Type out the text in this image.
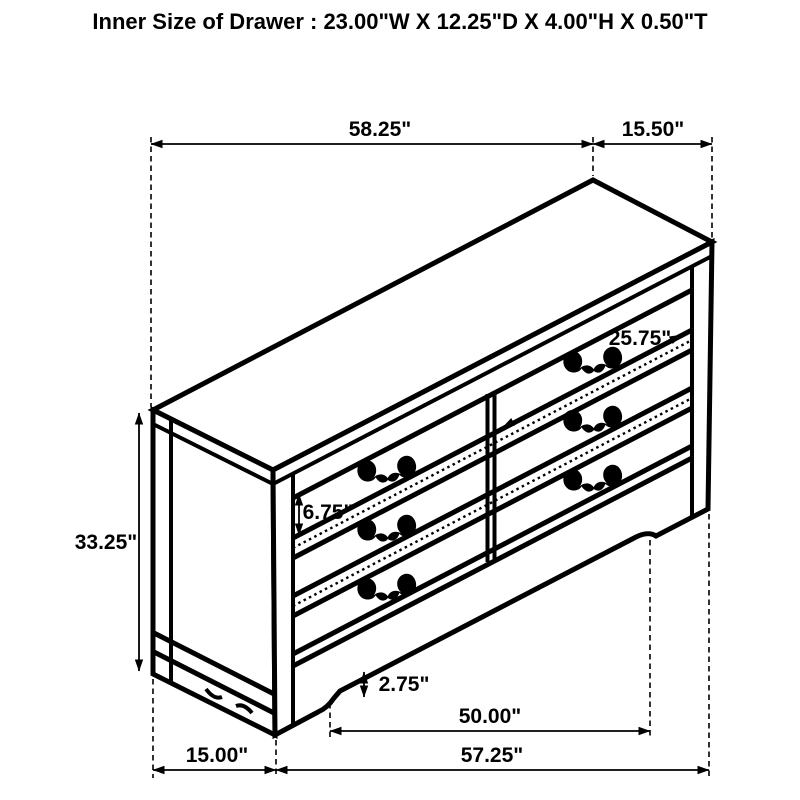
Inner Size of Drawer : 23.00"W X 12.25"D X 4.00"H X 0.50"T
58.25"	15.50"
33.25"
6.75"
25.75"
2.75"
50.00"
57.25"
15.00"
